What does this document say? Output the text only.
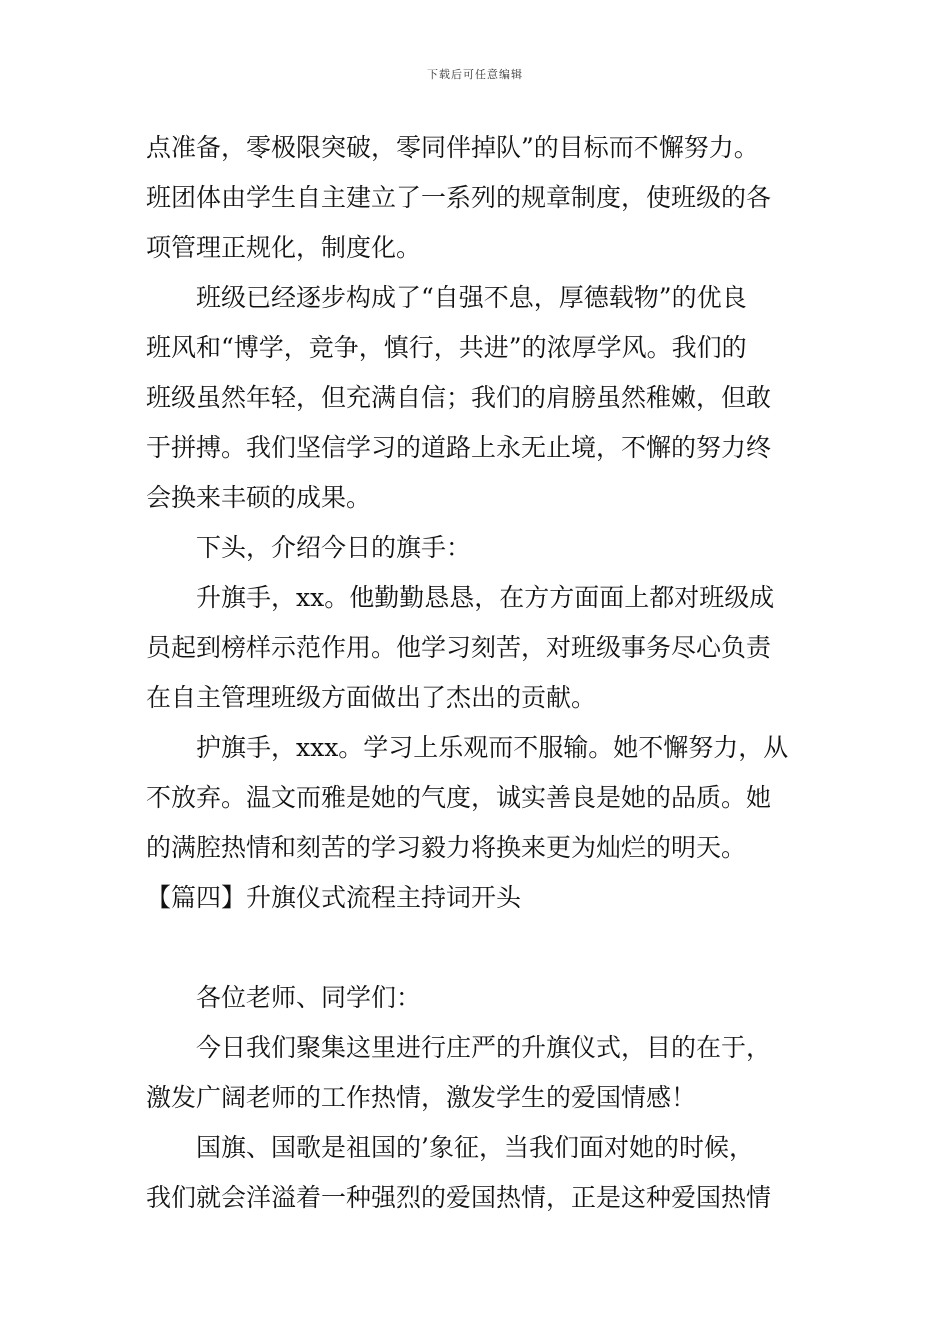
下载后可任意编辑
点准备，零极限突破，零同伴掉队”的目标而不懈努力。
班团体由学生自主建立了一系列的规章制度，使班级的各
项管理正规化，制度化。
班级已经逐步构成了“自强不息，厚德载物”的优良
班风和“博学，竞争，慎行，共进”的浓厚学风。我们的
班级虽然年轻，但充满自信；我们的肩膀虽然稚嫩，但敢
于拼搏。我们坚信学习的道路上永无止境，不懈的努力终
会换来丰硕的成果。
下头，介绍今日的旗手：
升旗手，xx。他勤勤恳恳，在方方面面上都对班级成
员起到榜样示范作用。他学习刻苦，对班级事务尽心负责
在自主管理班级方面做出了杰出的贡献。
护旗手，xxx。学习上乐观而不服输。她不懈努力，从
不放弃。温文而雅是她的气度，诚实善良是她的品质。她
的满腔热情和刻苦的学习毅力将换来更为灿烂的明天。
【篇四】升旗仪式流程主持词开头
各位老师、同学们：
今日我们聚集这里进行庄严的升旗仪式，目的在于，
激发广阔老师的工作热情，激发学生的爱国情感！
国旗、国歌是祖国的’象征，当我们面对她的时候，
我们就会洋溢着一种强烈的爱国热情，正是这种爱国热情
